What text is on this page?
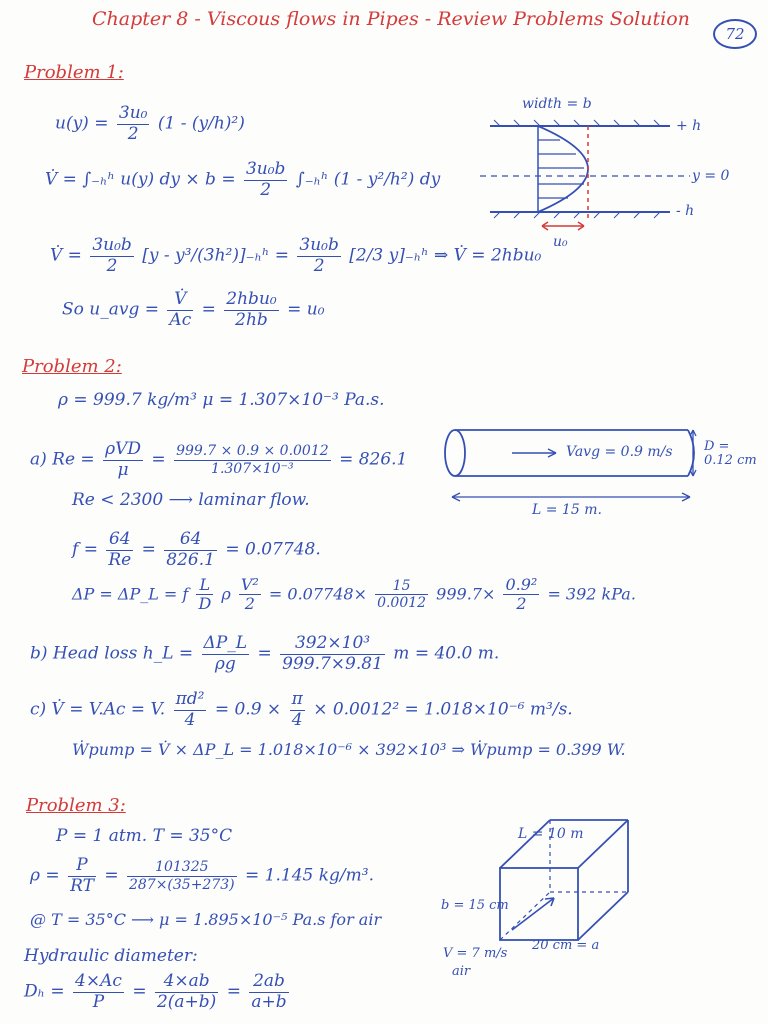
Chapter 8 - Viscous flows in Pipes - Review Problems Solution
72
Problem 1:
$u(y) = \frac{\text{3u₀}}{2} (1 - (y/h)^2)$
V̇ = ∫₋ₕʰ u(y) dy × $b = \frac{\text{3u₀b}}{2}$ ∫₋ₕʰ (1 - y²/h²) dy
V̇ = $\frac{\text{3u₀b}}{2} [y$ - y³/(3h²)]₋ₕʰ = $\frac{\text{3u₀b}}{2} [2/3$ y]₋ₕʰ ⇒ V̇ = 2hbu₀
So u_avg = $\frac{V̇}{Ac}$ =
2hbu₀
2hb	= u₀
width = b
+ h
y = 0
- h
u₀
Problem 2:
ρ = 999.7 kg/m³ μ = 1.307×10⁻³ Pa.s.
a) Re =
ρVD
μ	= $\frac{999.7 \times 0.9 \times 0.0012}{\text{1.307×10⁻³}} = 826.1$
Re < 2300 ⟶ laminar flow.
$f = \frac{64}{Re} = \frac{64}{826.1} = 0.07748$.
ΔP = ΔP_L = f $\frac{L}{D}$ ρ $\frac{\text{V²}}{2} = 0.07748\times \frac{15}{0.0012} 999.7\times \frac{\text{0.9²}}{2} = 392$ kPa.
b) Head loss h_L = $\frac{\Delta P\_L}{\rho g} = \frac{\text{392×10³}}{999.7\times 9.81}$ m = 40.0 m.
c) V̇ = V.Ac = V. $\frac{\text{πd²}}{4} = 0.9 \times \frac{\pi}{4} \times 0.0012^2 = 1.018\times 10^{-6}$ m³/s.
Ẇpump = V̇ × ΔP_L = 1.018×10⁻⁶ × 392×10³ ⇒ Ẇpump = 0.399 W.
Vavg = 0.9 m/s D = 0.12 cm
L = 15 m.
Problem 3:
P = 1 atm. T = 35°C
$\rho = \frac{P}{RT} = \frac{101325}{287\times(35+273)} = 1.145$ kg/m³.
@ T = 35°C ⟶ μ = 1.895×10⁻⁵ Pa.s for air
Hydraulic diameter:
$D_h = \frac{4\times Ac}{P} = \frac{4\times ab}{2(a+b)} = \frac{2ab}{a+b}$
L = 10 m
b = 15 cm
20 cm = a
V = 7 m/s
air
